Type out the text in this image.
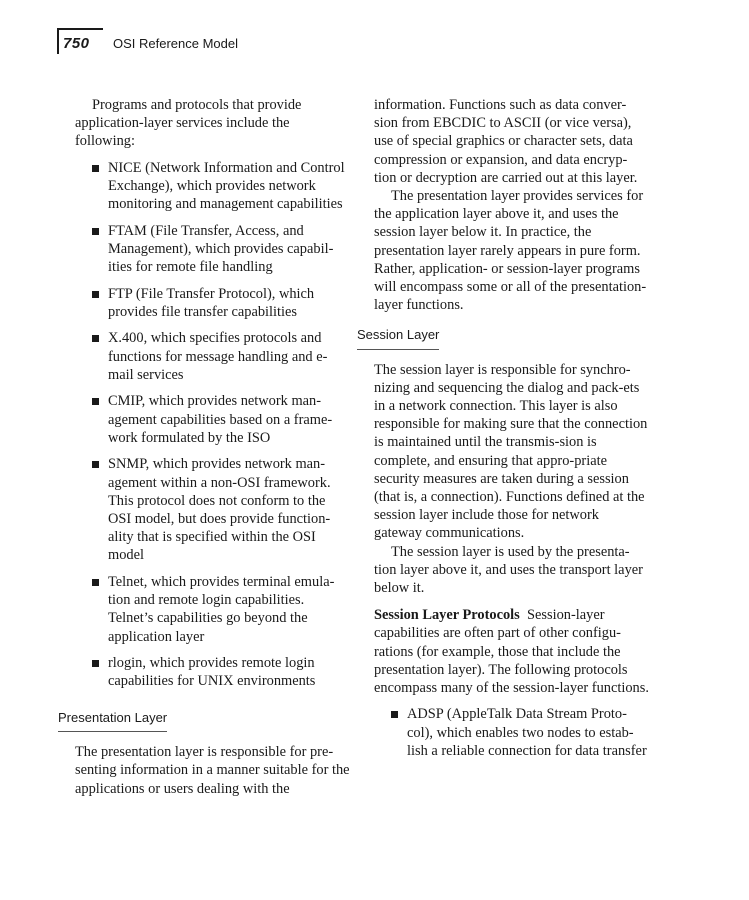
750 OSI Reference Model

Programs and protocols that provide application-layer services include the following:

NICE (Network Information and Control Exchange), which provides network monitoring and management capabilities
FTAM (File Transfer, Access, and Management), which provides capabil-ities for remote file handling
FTP (File Transfer Protocol), which provides file transfer capabilities
X.400, which specifies protocols and functions for message handling and e-mail services
CMIP, which provides network man-agement capabilities based on a frame-work formulated by the ISO
SNMP, which provides network man-agement within a non-OSI framework. This protocol does not conform to the OSI model, but does provide function-ality that is specified within the OSI model
Telnet, which provides terminal emula-tion and remote login capabilities. Telnet’s capabilities go beyond the application layer
rlogin, which provides remote login capabilities for UNIX environments
Presentation Layer

The presentation layer is responsible for pre-senting information in a manner suitable for the applications or users dealing with the

information. Functions such as data conver-sion from EBCDIC to ASCII (or vice versa), use of special graphics or character sets, data compression or expansion, and data encryp-tion or decryption are carried out at this layer.

The presentation layer provides services for the application layer above it, and uses the session layer below it. In practice, the presentation layer rarely appears in pure form. Rather, application- or session-layer programs will encompass some or all of the presentation-layer functions.

Session Layer

The session layer is responsible for synchro-nizing and sequencing the dialog and pack-ets in a network connection. This layer is also responsible for making sure that the connection is maintained until the transmis-sion is complete, and ensuring that appro-priate security measures are taken during a session (that is, a connection). Functions defined at the session layer include those for network gateway communications.

The session layer is used by the presenta-tion layer above it, and uses the transport layer below it.

Session Layer Protocols Session-layer capabilities are often part of other configu-rations (for example, those that include the presentation layer). The following protocols encompass many of the session-layer functions.

ADSP (AppleTalk Data Stream Proto-col), which enables two nodes to estab-lish a reliable connection for data transfer
